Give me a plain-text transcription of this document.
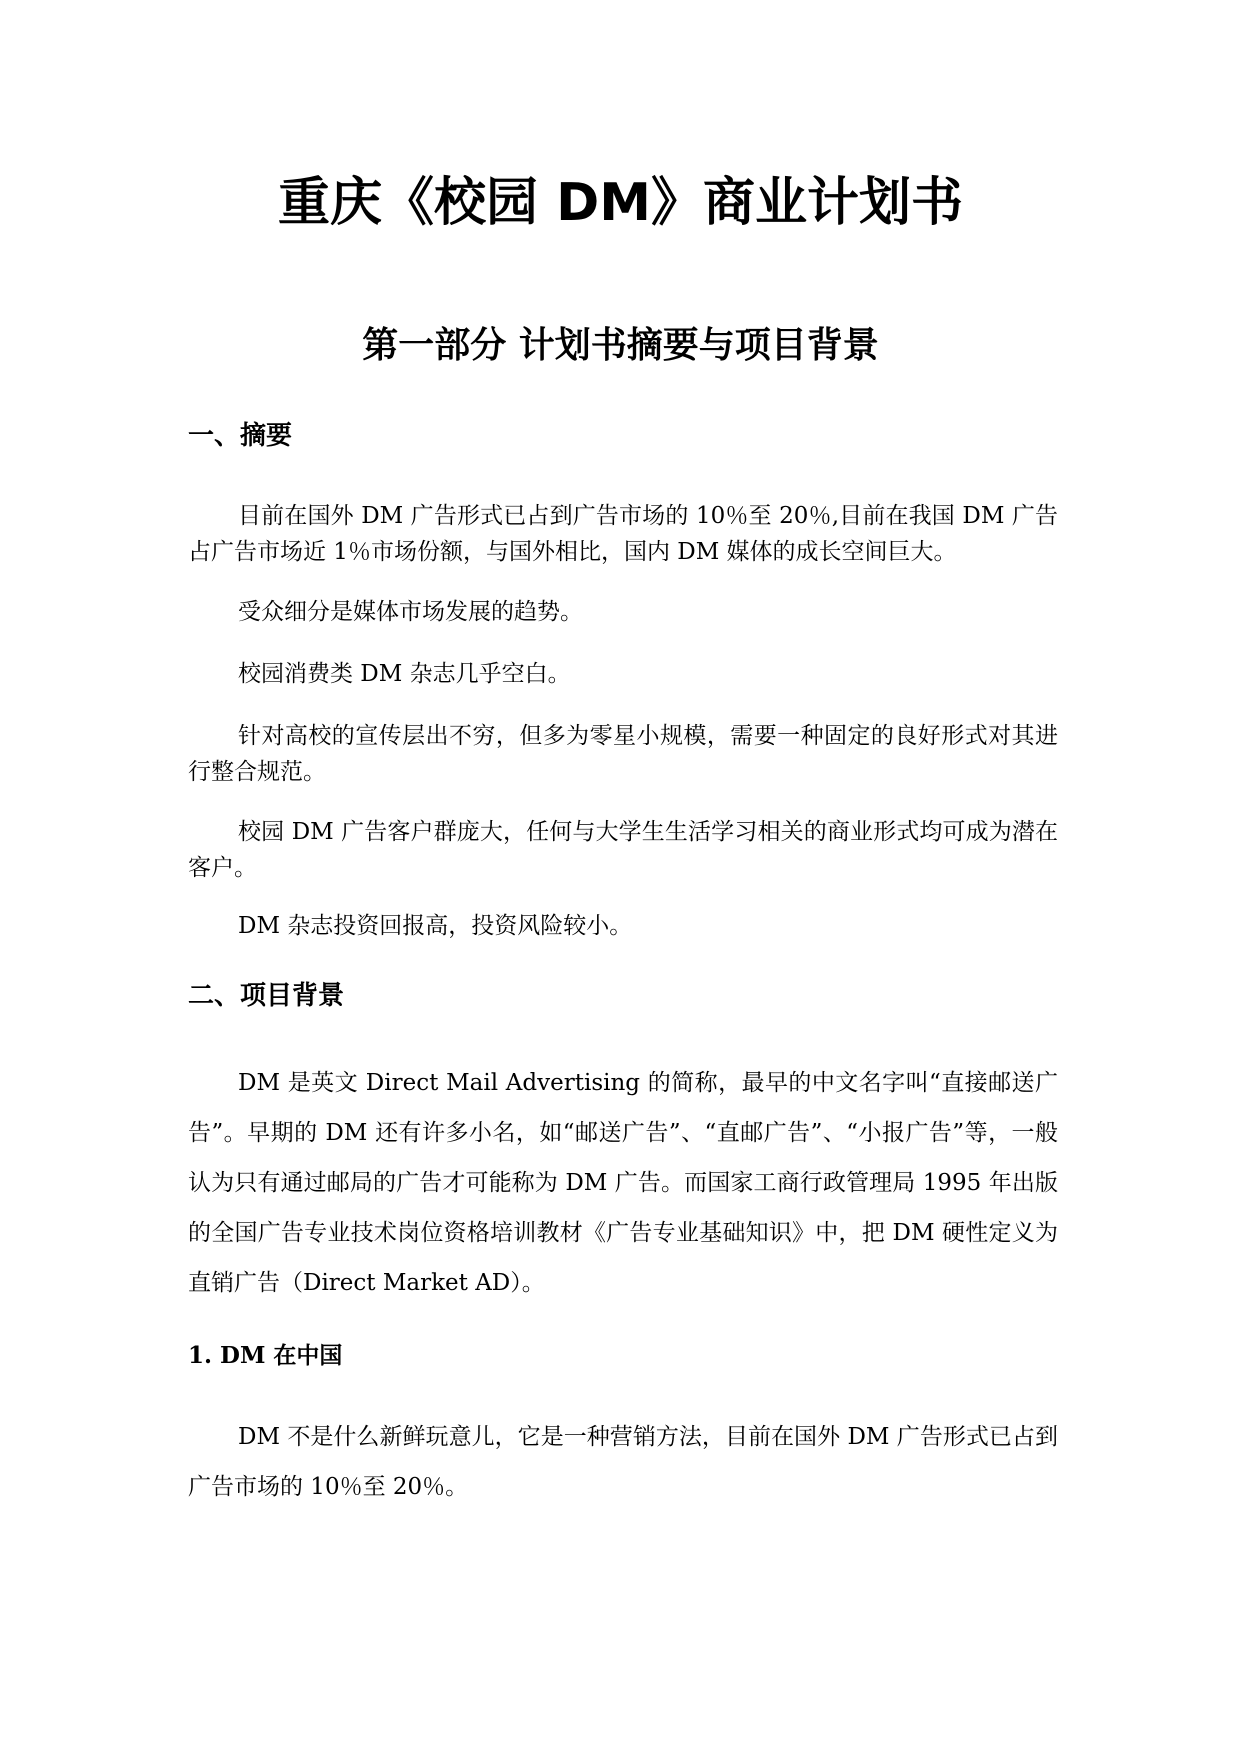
重庆《校园 DM》商业计划书
第一部分 计划书摘要与项目背景
一、摘要

目前在国外 DM 广告形式已占到广告市场的 10％至 20％,目前在我国 DM 广告占广告市场近 1％市场份额，与国外相比，国内 DM 媒体的成长空间巨大。

受众细分是媒体市场发展的趋势。

校园消费类 DM 杂志几乎空白。

针对高校的宣传层出不穷，但多为零星小规模，需要一种固定的良好形式对其进行整合规范。

校园 DM 广告客户群庞大，任何与大学生生活学习相关的商业形式均可成为潜在客户。

DM 杂志投资回报高，投资风险较小。

二、项目背景

DM 是英文 Direct Mail Advertising 的简称，最早的中文名字叫“直接邮送广告”。早期的 DM 还有许多小名，如“邮送广告”、“直邮广告”、“小报广告”等，一般认为只有通过邮局的广告才可能称为 DM 广告。而国家工商行政管理局 1995 年出版的全国广告专业技术岗位资格培训教材《广告专业基础知识》中，把 DM 硬性定义为直销广告（Direct Market AD）。

1. DM 在中国

DM 不是什么新鲜玩意儿，它是一种营销方法，目前在国外 DM 广告形式已占到广告市场的 10％至 20％。
